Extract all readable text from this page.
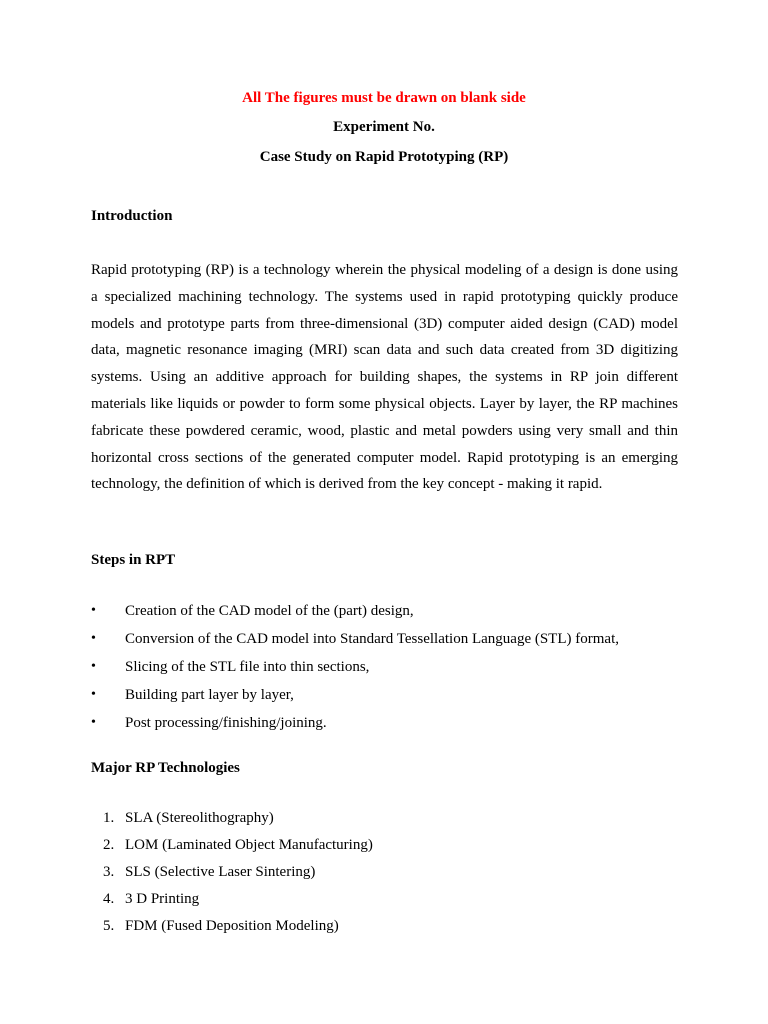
All The figures must be drawn on blank side
Experiment No.
Case Study on Rapid Prototyping (RP)
Introduction
Rapid prototyping (RP) is a technology wherein the physical modeling of a design is done using a specialized machining technology. The systems used in rapid prototyping quickly produce models and prototype parts from three-dimensional (3D) computer aided design (CAD) model data, magnetic resonance imaging (MRI) scan data and such data created from 3D digitizing systems. Using an additive approach for building shapes, the systems in RP join different materials like liquids or powder to form some physical objects. Layer by layer, the RP machines fabricate these powdered ceramic, wood, plastic and metal powders using very small and thin horizontal cross sections of the generated computer model. Rapid prototyping is an emerging technology, the definition of which is derived from the key concept - making it rapid.
Steps in RPT
• Creation of the CAD model of the (part) design,
• Conversion of the CAD model into Standard Tessellation Language (STL) format,
• Slicing of the STL file into thin sections,
• Building part layer by layer,
• Post processing/finishing/joining.
Major RP Technologies
1. SLA (Stereolithography)
2. LOM (Laminated Object Manufacturing)
3. SLS (Selective Laser Sintering)
4. 3 D Printing
5. FDM (Fused Deposition Modeling)
